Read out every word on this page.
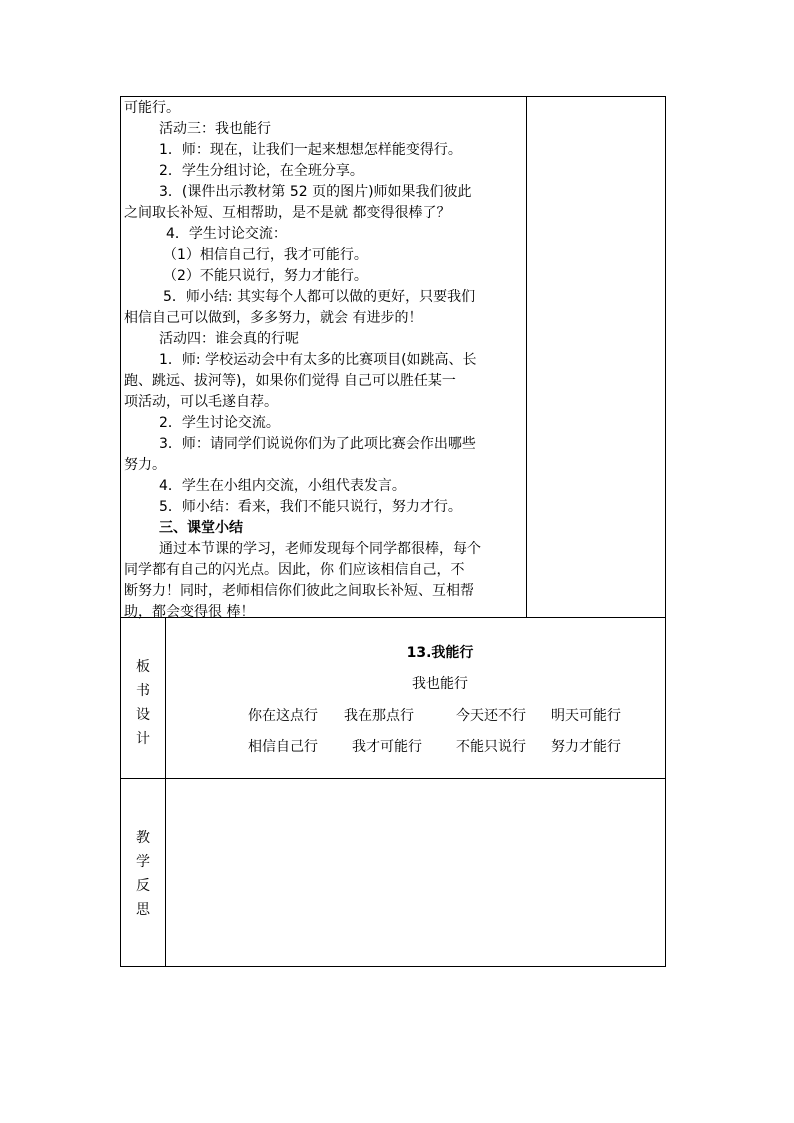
可能行。
活动三：我也能行
1．师：现在，让我们一起来想想怎样能变得行。
2．学生分组讨论，在全班分享。
3．(课件出示教材第 52 页的图片)师如果我们彼此
之间取长补短、互相帮助，是不是就 都变得很棒了？
4．学生讨论交流：
（1）相信自己行，我才可能行。
（2）不能只说行，努力才能行。
5．师小结: 其实每个人都可以做的更好，只要我们
相信自己可以做到，多多努力，就会 有进步的！
活动四：谁会真的行呢
1．师: 学校运动会中有太多的比赛项目(如跳高、长
跑、跳远、拔河等)，如果你们觉得 自己可以胜任某一
项活动，可以毛遂自荐。
2．学生讨论交流。
3．师：请同学们说说你们为了此项比赛会作出哪些
努力。
4．学生在小组内交流，小组代表发言。
5．师小结：看来，我们不能只说行，努力才行。
三、课堂小结
通过本节课的学习，老师发现每个同学都很棒，每个
同学都有自己的闪光点。因此，你 们应该相信自己，不
断努力！同时，老师相信你们彼此之间取长补短、互相帮
助，都会变得很 棒！
板
书
设
计
13.我能行
我也能行
你在这点行 我在那点行	今天还不行 明天可能行
相信自己行 我才可能行 不能只说行 努力才能行
教
学
反
思
